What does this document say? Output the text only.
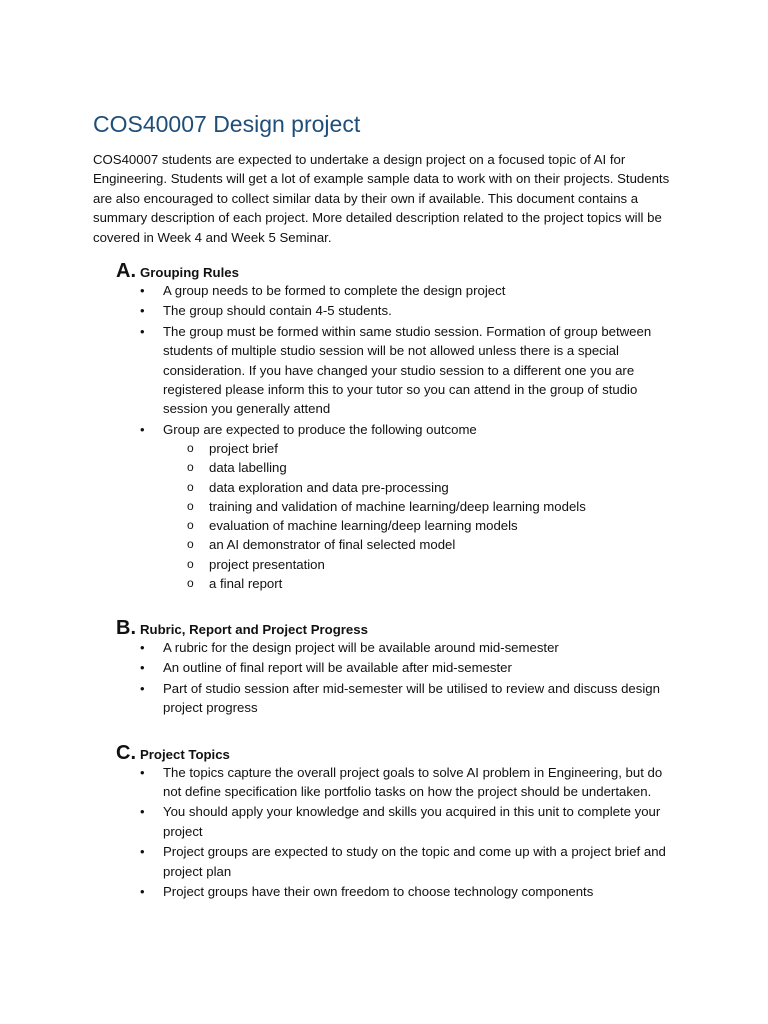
COS40007 Design project

COS40007 students are expected to undertake a design project on a focused topic of AI for Engineering. Students will get a lot of example sample data to work with on their projects. Students are also encouraged to collect similar data by their own if available. This document contains a summary description of each project. More detailed description related to the project topics will be covered in Week 4 and Week 5 Seminar.

A. Grouping Rules
• A group needs to be formed to complete the design project
• The group should contain 4-5 students.
• The group must be formed within same studio session. Formation of group between students of multiple studio session will be not allowed unless there is a special consideration. If you have changed your studio session to a different one you are registered please inform this to your tutor so you can attend in the group of studio session you generally attend
• Group are expected to produce the following outcome
o project brief
o data labelling
o data exploration and data pre-processing
o training and validation of machine learning/deep learning models
o evaluation of machine learning/deep learning models
o an AI demonstrator of final selected model
o project presentation
o a final report
B. Rubric, Report and Project Progress
• A rubric for the design project will be available around mid-semester
• An outline of final report will be available after mid-semester
• Part of studio session after mid-semester will be utilised to review and discuss design project progress
C. Project Topics
• The topics capture the overall project goals to solve AI problem in Engineering, but do not define specification like portfolio tasks on how the project should be undertaken.
• You should apply your knowledge and skills you acquired in this unit to complete your project
• Project groups are expected to study on the topic and come up with a project brief and project plan
• Project groups have their own freedom to choose technology components
